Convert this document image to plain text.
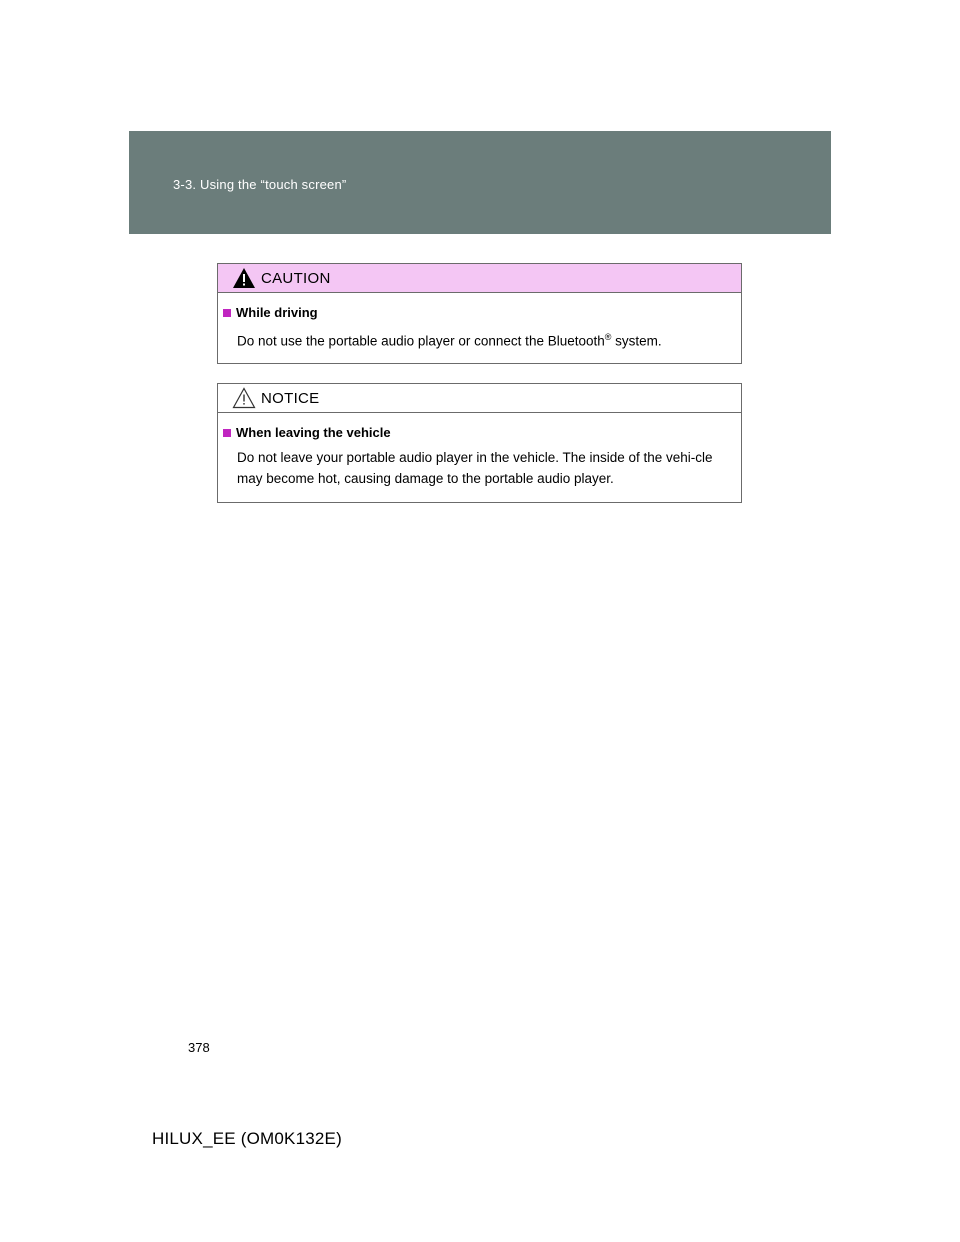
3-3. Using the “touch screen”
CAUTION
While driving
Do not use the portable audio player or connect the Bluetooth® system.
NOTICE
When leaving the vehicle
Do not leave your portable audio player in the vehicle. The inside of the vehi-cle may become hot, causing damage to the portable audio player.
378
HILUX_EE (OM0K132E)
